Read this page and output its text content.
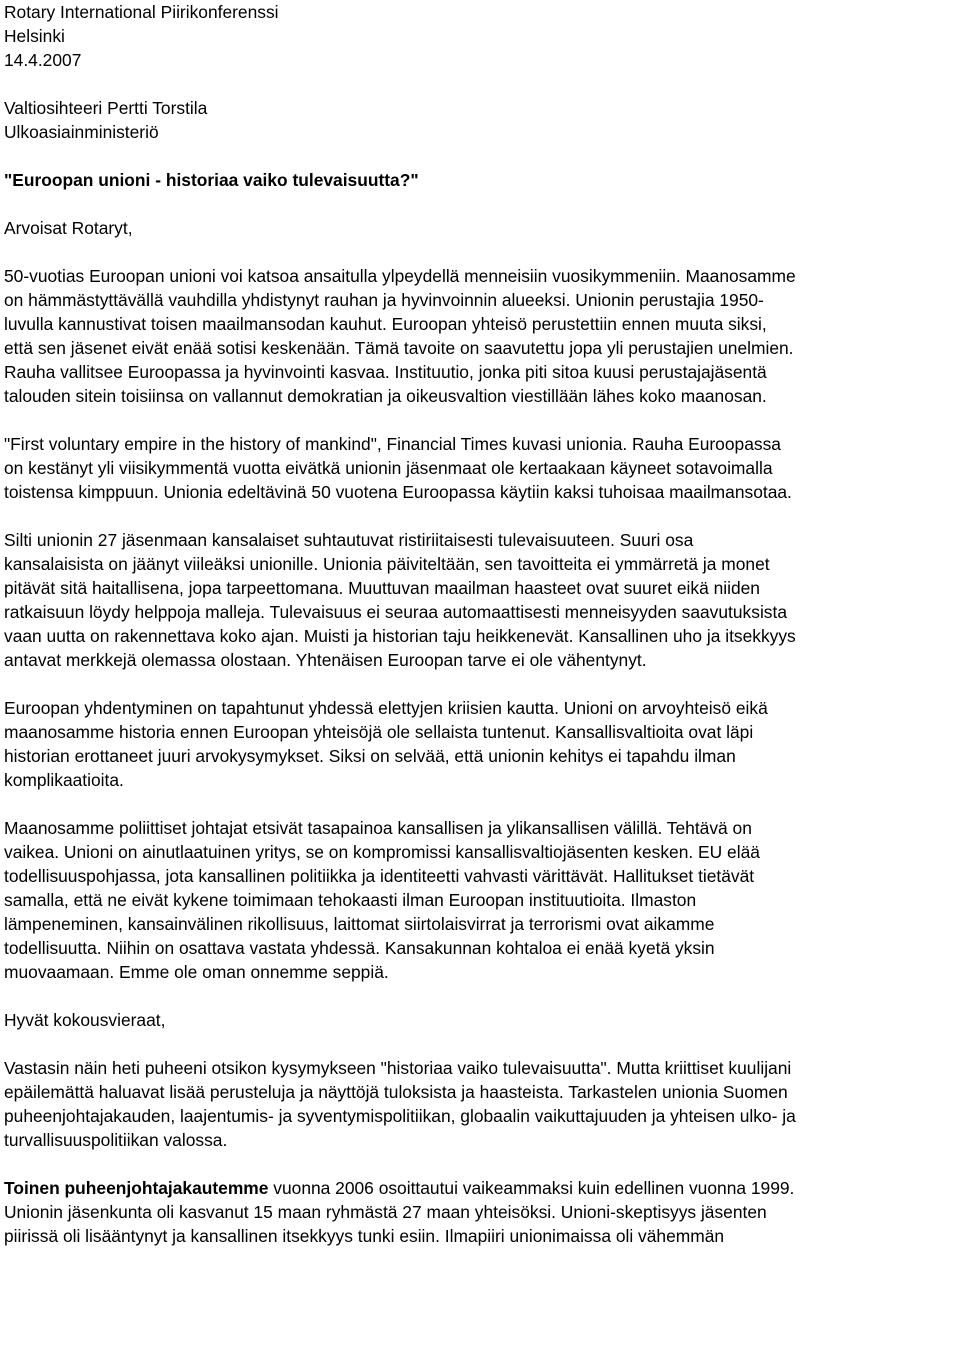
Rotary International Piirikonferenssi
Helsinki
14.4.2007
Valtiosihteeri Pertti Torstila
Ulkoasiainministeriö
"Euroopan unioni - historiaa vaiko tulevaisuutta?"
Arvoisat Rotaryt,
50-vuotias Euroopan unioni voi katsoa ansaitulla ylpeydellä menneisiin vuosikymmeniin. Maanosamme
on hämmästyttävällä vauhdilla yhdistynyt rauhan ja hyvinvoinnin alueeksi. Unionin perustajia 1950-
luvulla kannustivat toisen maailmansodan kauhut. Euroopan yhteisö perustettiin ennen muuta siksi,
että sen jäsenet eivät enää sotisi keskenään. Tämä tavoite on saavutettu jopa yli perustajien unelmien.
Rauha vallitsee Euroopassa ja hyvinvointi kasvaa. Instituutio, jonka piti sitoa kuusi perustajajäsentä
talouden sitein toisiinsa on vallannut demokratian ja oikeusvaltion viestillään lähes koko maanosan.
"First voluntary empire in the history of mankind", Financial Times kuvasi unionia. Rauha Euroopassa
on kestänyt yli viisikymmentä vuotta eivätkä unionin jäsenmaat ole kertaakaan käyneet sotavoimalla
toistensa kimppuun. Unionia edeltävinä 50 vuotena Euroopassa käytiin kaksi tuhoisaa maailmansotaa.
Silti unionin 27 jäsenmaan kansalaiset suhtautuvat ristiriitaisesti tulevaisuuteen. Suuri osa
kansalaisista on jäänyt viileäksi unionille. Unionia päiviteltään, sen tavoitteita ei ymmärretä ja monet
pitävät sitä haitallisena, jopa tarpeettomana. Muuttuvan maailman haasteet ovat suuret eikä niiden
ratkaisuun löydy helppoja malleja. Tulevaisuus ei seuraa automaattisesti menneisyyden saavutuksista
vaan uutta on rakennettava koko ajan. Muisti ja historian taju heikkenevät. Kansallinen uho ja itsekkyys
antavat merkkejä olemassa olostaan. Yhtenäisen Euroopan tarve ei ole vähentynyt.
Euroopan yhdentyminen on tapahtunut yhdessä elettyjen kriisien kautta. Unioni on arvoyhteisö eikä
maanosamme historia ennen Euroopan yhteisöjä ole sellaista tuntenut. Kansallisvaltioita ovat läpi
historian erottaneet juuri arvokysymykset. Siksi on selvää, että unionin kehitys ei tapahdu ilman
komplikaatioita.
Maanosamme poliittiset johtajat etsivät tasapainoa kansallisen ja ylikansallisen välillä. Tehtävä on
vaikea. Unioni on ainutlaatuinen yritys, se on kompromissi kansallisvaltiojäsenten kesken. EU elää
todellisuuspohjassa, jota kansallinen politiikka ja identiteetti vahvasti värittävät. Hallitukset tietävät
samalla, että ne eivät kykene toimimaan tehokaasti ilman Euroopan instituutioita. Ilmaston
lämpeneminen, kansainvälinen rikollisuus, laittomat siirtolaisvirrat ja terrorismi ovat aikamme
todellisuutta. Niihin on osattava vastata yhdessä. Kansakunnan kohtaloa ei enää kyetä yksin
muovaamaan. Emme ole oman onnemme seppiä.
Hyvät kokousvieraat,
Vastasin näin heti puheeni otsikon kysymykseen "historiaa vaiko tulevaisuutta". Mutta kriittiset kuulijani
epäilemättä haluavat lisää perusteluja ja näyttöjä tuloksista ja haasteista. Tarkastelen unionia Suomen
puheenjohtajakauden, laajentumis- ja syventymispolitiikan, globaalin vaikuttajuuden ja yhteisen ulko- ja
turvallisuuspolitiikan valossa.
Toinen puheenjohtajakautemme vuonna 2006 osoittautui vaikeammaksi kuin edellinen vuonna 1999.
Unionin jäsenkunta oli kasvanut 15 maan ryhmästä 27 maan yhteisöksi. Unioni-skeptisyys jäsenten
piirissä oli lisääntynyt ja kansallinen itsekkyys tunki esiin. Ilmapiiri unionimaissa oli vähemmän
